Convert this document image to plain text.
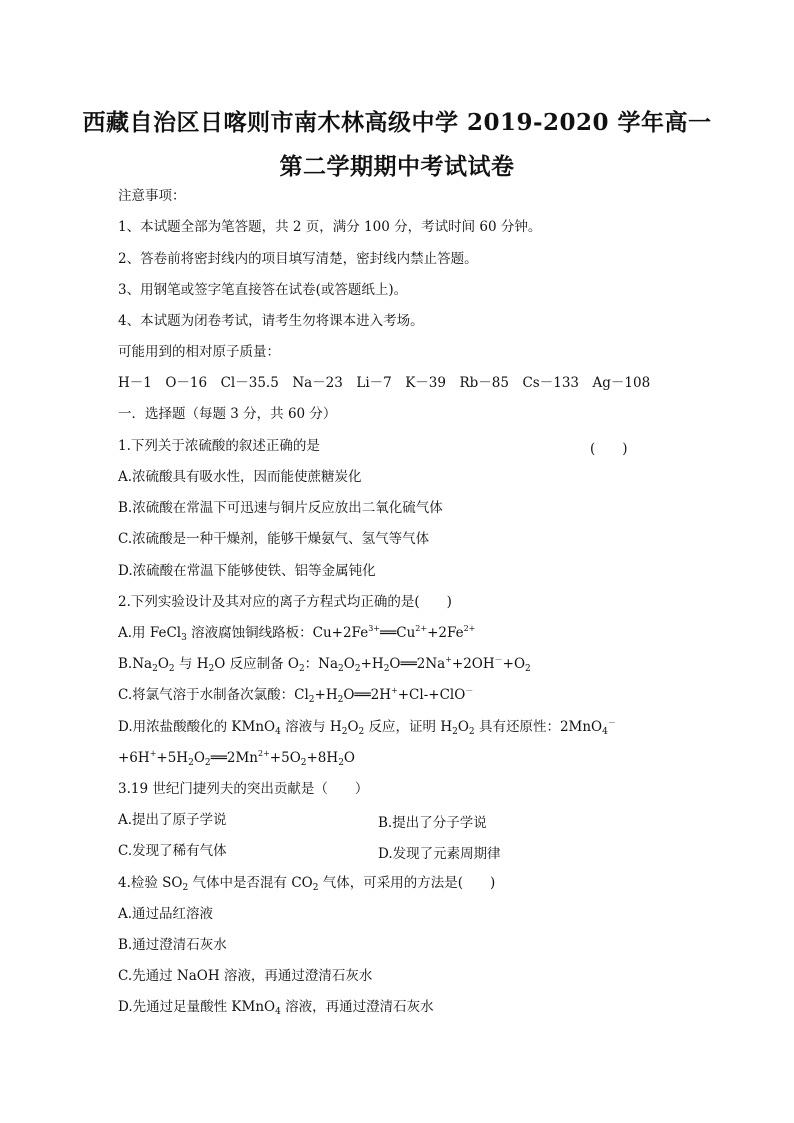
西藏自治区日喀则市南木林高级中学 2019-2020 学年高一
第二学期期中考试试卷
注意事项：
1、本试题全部为笔答题，共 2 页，满分 100 分，考试时间 60 分钟。
2、答卷前将密封线内的项目填写清楚，密封线内禁止答题。
3、用钢笔或签字笔直接答在试卷(或答题纸上)。
4、本试题为闭卷考试，请考生勿将课本进入考场。
可能用到的相对原子质量：
H－1　O－16　Cl－35.5　Na－23　Li－7　K－39　Rb－85　Cs－133　Ag－108
一．选择题（每题 3 分，共 60 分）
1.下列关于浓硫酸的叙述正确的是	(　　)
A.浓硫酸具有吸水性，因而能使蔗糖炭化
B.浓硫酸在常温下可迅速与铜片反应放出二氧化硫气体
C.浓硫酸是一种干燥剂，能够干燥氨气、氢气等气体
D.浓硫酸在常温下能够使铁、铝等金属钝化
2.下列实验设计及其对应的离子方程式均正确的是(　　)
A.用 FeCl$_3$ 溶液腐蚀铜线路板：$Cu+2Fe^{3+}══Cu^{2+}+2Fe^{2+}$
$B.Na_2O_2$ 与 $H_2O$ 反应制备 $O_2$：$Na_2O_2+H_2O══2Na^++2OH^-+O_2$
C.将氯气溶于水制备次氯酸：$Cl_2+H_2O══2H^++Cl-+ClO^-$
D.用浓盐酸酸化的 KMnO$_4$ 溶液与 $H_2O_2$ 反应，证明 $H_2O_2$ 具有还原性：2MnO$_4$－
$+6H^++5H_2O_2══2Mn^{2+}+5O_2+8H_2O$
3.19 世纪门捷列夫的突出贡献是（　　）
A.提出了原子学说	B.提出了分子学说
C.发现了稀有气体	D.发现了元素周期律
4.检验 $SO_2$ 气体中是否混有 $CO_2$ 气体，可采用的方法是(　　)
A.通过品红溶液
B.通过澄清石灰水
C.先通过 NaOH 溶液，再通过澄清石灰水
D.先通过足量酸性 KMnO$_4$ 溶液，再通过澄清石灰水
